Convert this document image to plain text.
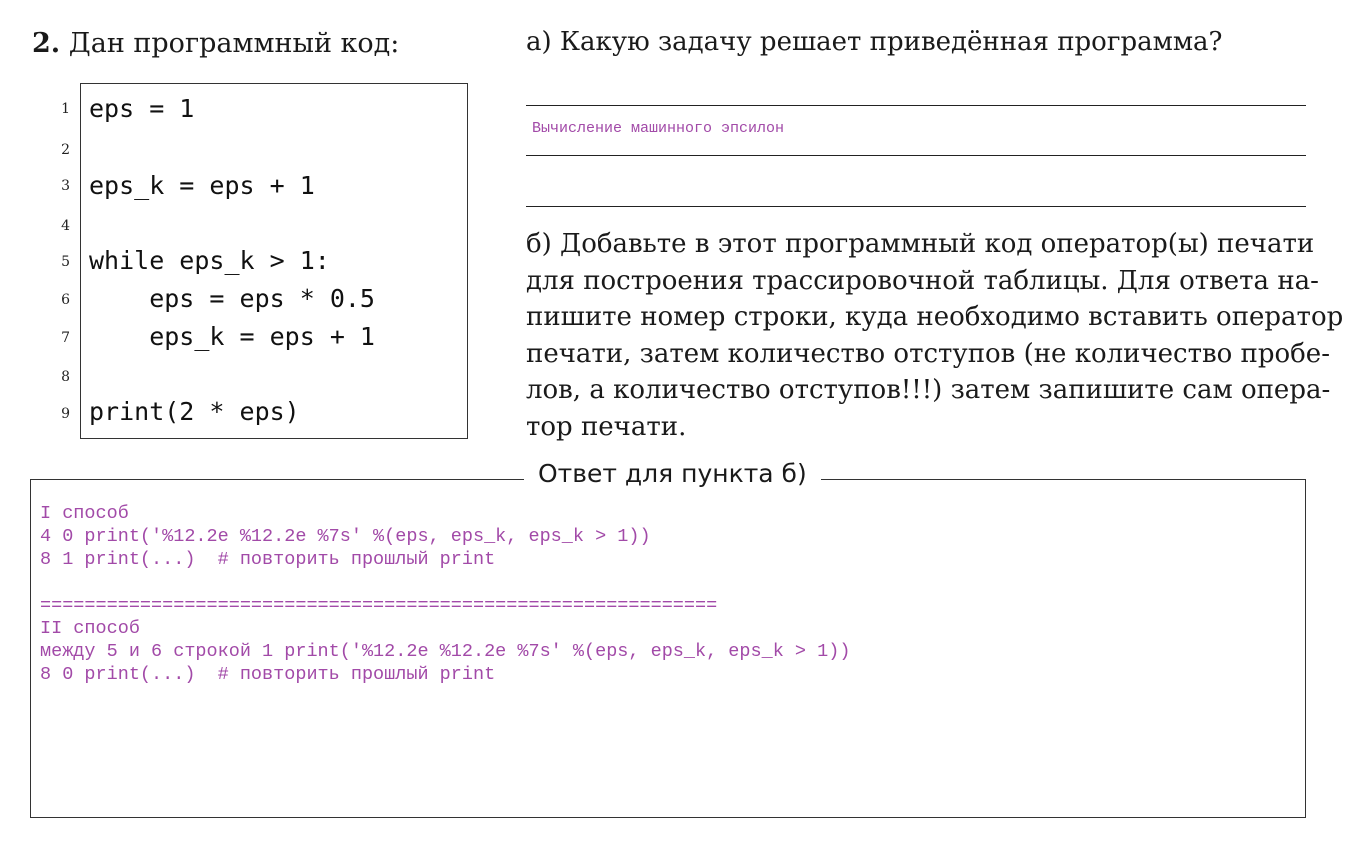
2. Дан программный код:
1 eps = 1
2
3 eps_k = eps + 1
4
5 while eps_k > 1:
6 eps = eps * 0.5
7 eps_k = eps + 1
8
9 print(2 * eps)
а) Какую задачу решает приведённая программа?
Вычисление машинного эпсилон
б) Добавьте в этот программный код оператор(ы) печати
для построения трассировочной таблицы. Для ответа на-
пишите номер строки, куда необходимо вставить оператор
печати, затем количество отступов (не количество пробе-
лов, а количество отступов!!!) затем запишите сам опера-
тор печати.
Ответ для пункта б)
I способ
4 0 print('%12.2e %12.2e %7s' %(eps, eps_k, eps_k > 1))
8 1 print(...)  # повторить прошлый print
=============================================================
II способ
между 5 и 6 строкой 1 print('%12.2e %12.2e %7s' %(eps, eps_k, eps_k > 1))
8 0 print(...)  # повторить прошлый print
